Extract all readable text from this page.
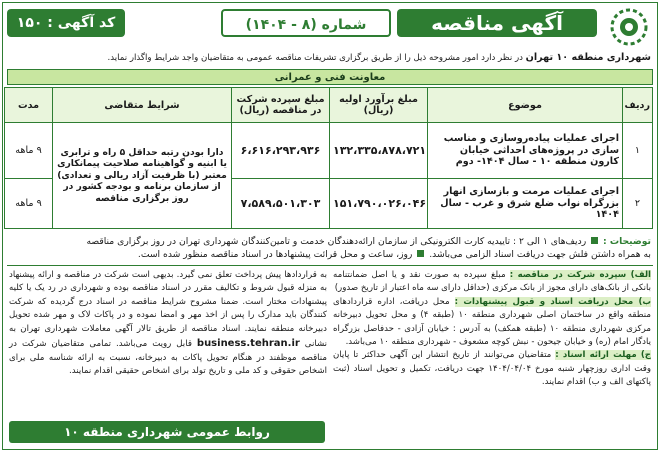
آگهی مناقصه
شماره (۸ - ۱۴۰۴)
کد آگهی : ۱۵۰
شهرداری منطقه ۱۰ تهران در نظر دارد امور مشروحه ذیل را از طریق برگزاری تشریفات مناقصه عمومی به متقاضیان واجد شرایط واگذار نماید.
معاونت فنی و عمرانی
ردیف	موضوع	مبلغ برآورد اولیه (ریال)	مبلغ سپرده شرکت در مناقصه (ریال)	شرایط متقاضی	مدت
۱	اجرای عملیات پیاده‌روسازی و مناسب سازی در پروژه‌های احداثی خیابان کارون منطقه ۱۰ - سال ۱۴۰۴- دوم	۱۳۲،۳۳۵،۸۷۸،۷۲۱	۶،۶۱۶،۲۹۳،۹۳۶	دارا بودن رتبه حداقل ۵ راه و ترابری یا ابنیه و گواهینامه صلاحیت پیمانکاری معتبر (با ظرفیت آزاد ریالی و تعدادی) از سازمان برنامه و بودجه کشور در روز برگزاری مناقصه	۹ ماهه
۲	اجرای عملیات مرمت و بازسازی انهار بزرگراه نواب ضلع شرق و غرب - سال ۱۴۰۴	۱۵۱،۷۹۰،۰۲۶،۰۴۶	۷،۵۸۹،۵۰۱،۳۰۳		۹ ماهه
توضیحات :  ردیف‌های ۱ الی ۲ : تاییدیه کارت الکترونیکی از سازمان ارائه‌دهندگان خدمت و تامین‌کنندگان شهرداری تهران در روز برگزاری مناقصه
به همراه داشتن فلش جهت دریافت اسناد الزامی می‌باشد.  روز، ساعت و محل قرائت پیشنهادها در اسناد مناقصه منظور شده است.
الف) سپرده شرکت در مناقصه : مبلغ سپرده به صورت نقد و یا اصل ضمانتنامه بانکی از بانک‌های دارای مجوز از بانک مرکزی (حداقل دارای سه ماه اعتبار از تاریخ صدور)
ب) محل دریافت اسناد و قبول پیشنهادات : محل دریافت، اداره قراردادهای منطقه واقع در ساختمان اصلی شهرداری منطقه ۱۰ (طبقه ۴) و محل تحویل دبیرخانه مرکزی شهرداری منطقه ۱۰ (طبقه همکف) به آدرس : خیابان آزادی - حدفاصل بزرگراه یادگار امام (ره) و خیابان جیحون - نبش کوچه مشعوف - شهرداری منطقه ۱۰ می‌باشد.
ج) مهلت ارائه اسناد : متقاضیان می‌توانند از تاریخ انتشار این آگهی حداکثر تا پایان وقت اداری روزچهار شنبه مورخ ۱۴۰۴/۰۴/۰۴ جهت دریافت، تکمیل و تحویل اسناد (ثبت پاکتهای الف و ب) اقدام نمایند.
به قراردادها پیش پرداخت تعلق نمی گیرد. بدیهی است شرکت در مناقصه و ارائه پیشنهاد به منزله قبول شروط و تکالیف مقرر در اسناد مناقصه بوده و شهرداری در رد یک یا کلیه پیشنهادات مختار است. ضمنا مشروح شرایط مناقصه در اسناد درج گردیده که شرکت کنندگان باید مدارک را پس از اخذ مهر و امضا نموده و در پاکات لاک و مهر شده تحویل دبیرخانه منطقه نمایند. اسناد مناقصه از طریق تالار آگهی معاملات شهرداری تهران به نشانی business.tehran.ir قابل رویت می‌باشد. تمامی متقاضیان شرکت در مناقصه موظفند در هنگام تحویل پاکات به دبیرخانه، نسبت به ارائه شناسه ملی برای اشخاص حقوقی و کد ملی و تاریخ تولد برای اشخاص حقیقی اقدام نمایند.
روابط عمومی شهرداری منطقه ۱۰
